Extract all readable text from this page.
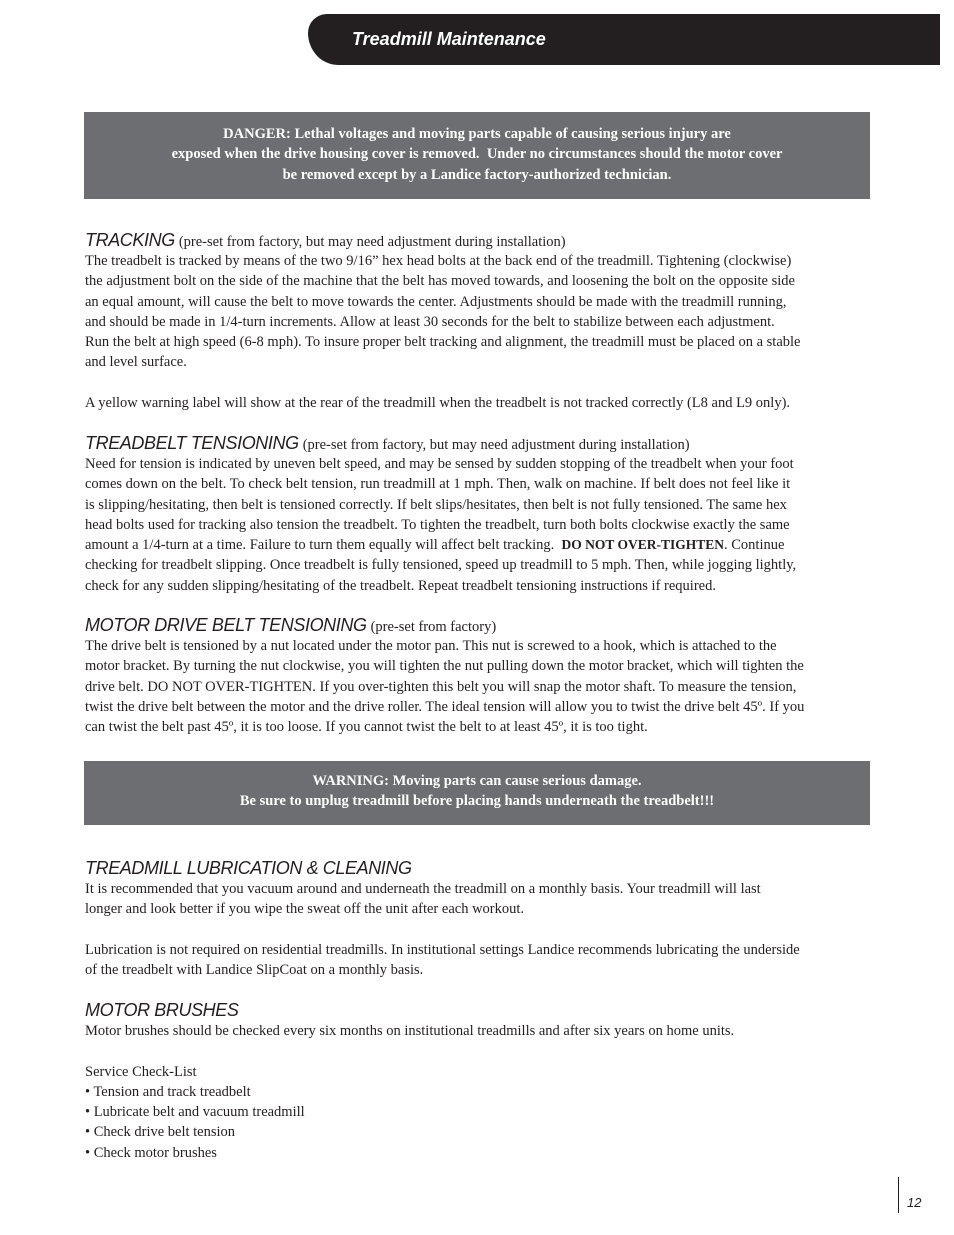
Treadmill Maintenance
DANGER: Lethal voltages and moving parts capable of causing serious injury are
exposed when the drive housing cover is removed. Under no circumstances should the motor cover
be removed except by a Landice factory-authorized technician.
TRACKING (pre-set from factory, but may need adjustment during installation)
The treadbelt is tracked by means of the two 9/16” hex head bolts at the back end of the treadmill. Tightening (clockwise)
the adjustment bolt on the side of the machine that the belt has moved towards, and loosening the bolt on the opposite side
an equal amount, will cause the belt to move towards the center. Adjustments should be made with the treadmill running,
and should be made in 1/4-turn increments. Allow at least 30 seconds for the belt to stabilize between each adjustment.
Run the belt at high speed (6-8 mph). To insure proper belt tracking and alignment, the treadmill must be placed on a stable
and level surface.
A yellow warning label will show at the rear of the treadmill when the treadbelt is not tracked correctly (L8 and L9 only).
TREADBELT TENSIONING (pre-set from factory, but may need adjustment during installation)
Need for tension is indicated by uneven belt speed, and may be sensed by sudden stopping of the treadbelt when your foot
comes down on the belt. To check belt tension, run treadmill at 1 mph. Then, walk on machine. If belt does not feel like it
is slipping/hesitating, then belt is tensioned correctly. If belt slips/hesitates, then belt is not fully tensioned. The same hex
head bolts used for tracking also tension the treadbelt. To tighten the treadbelt, turn both bolts clockwise exactly the same
amount a 1/4-turn at a time. Failure to turn them equally will affect belt tracking. DO NOT OVER-TIGHTEN. Continue
checking for treadbelt slipping. Once treadbelt is fully tensioned, speed up treadmill to 5 mph. Then, while jogging lightly,
check for any sudden slipping/hesitating of the treadbelt. Repeat treadbelt tensioning instructions if required.
MOTOR DRIVE BELT TENSIONING (pre-set from factory)
The drive belt is tensioned by a nut located under the motor pan. This nut is screwed to a hook, which is attached to the
motor bracket. By turning the nut clockwise, you will tighten the nut pulling down the motor bracket, which will tighten the
drive belt. DO NOT OVER-TIGHTEN. If you over-tighten this belt you will snap the motor shaft. To measure the tension,
twist the drive belt between the motor and the drive roller. The ideal tension will allow you to twist the drive belt 45º. If you
can twist the belt past 45º, it is too loose. If you cannot twist the belt to at least 45º, it is too tight.
WARNING: Moving parts can cause serious damage.
Be sure to unplug treadmill before placing hands underneath the treadbelt!!!
TREADMILL LUBRICATION & CLEANING
It is recommended that you vacuum around and underneath the treadmill on a monthly basis. Your treadmill will last
longer and look better if you wipe the sweat off the unit after each workout.
Lubrication is not required on residential treadmills. In institutional settings Landice recommends lubricating the underside
of the treadbelt with Landice SlipCoat on a monthly basis.
MOTOR BRUSHES
Motor brushes should be checked every six months on institutional treadmills and after six years on home units.
Service Check-List
• Tension and track treadbelt
• Lubricate belt and vacuum treadmill
• Check drive belt tension
• Check motor brushes
12
